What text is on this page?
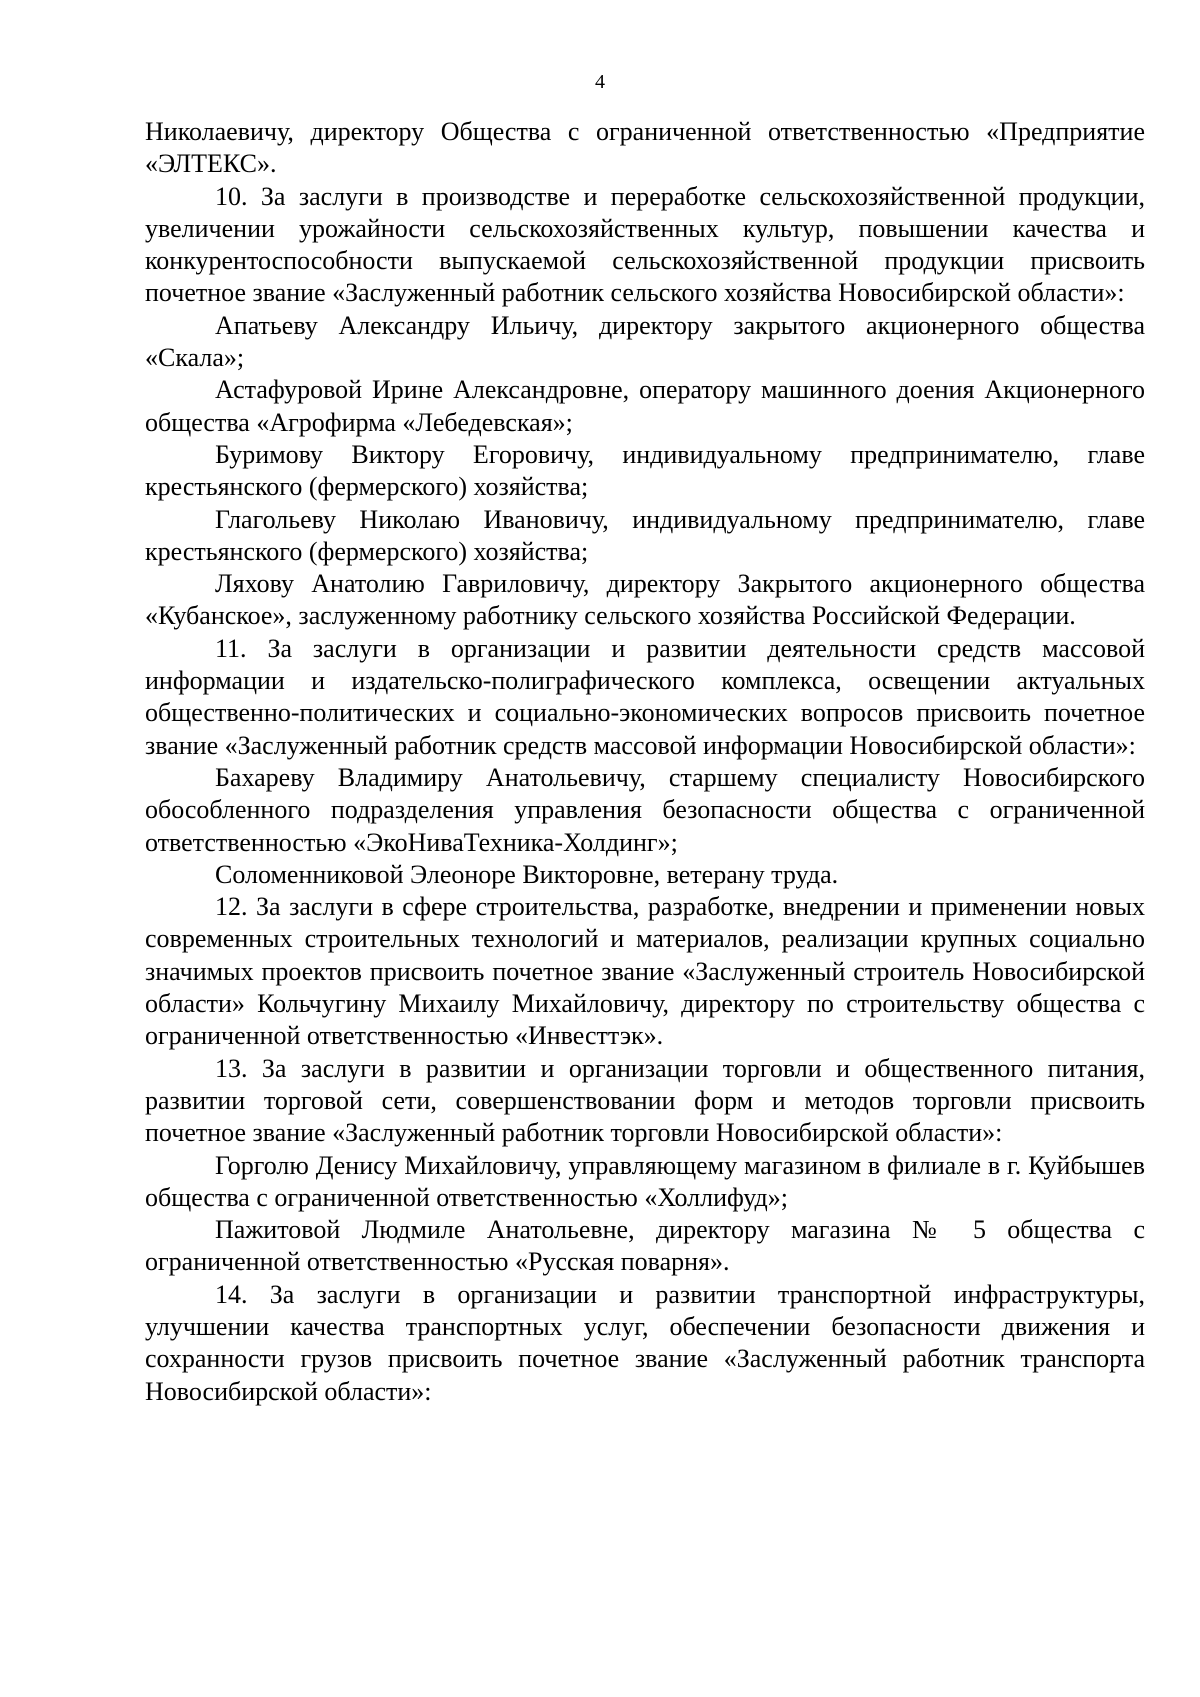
4

Николаевичу, директору Общества с ограниченной ответственностью «Предприятие «ЭЛТЕКС».

10. За заслуги в производстве и переработке сельскохозяйственной продукции, увеличении урожайности сельскохозяйственных культур, повышении качества и конкурентоспособности выпускаемой сельскохозяйственной продукции присвоить почетное звание «Заслуженный работник сельского хозяйства Новосибирской области»:

Апатьеву Александру Ильичу, директору закрытого акционерного общества «Скала»;

Астафуровой Ирине Александровне, оператору машинного доения Акционерного общества «Агрофирма «Лебедевская»;

Буримову Виктору Егоровичу, индивидуальному предпринимателю, главе крестьянского (фермерского) хозяйства;

Глагольеву Николаю Ивановичу, индивидуальному предпринимателю, главе крестьянского (фермерского) хозяйства;

Ляхову Анатолию Гавриловичу, директору Закрытого акционерного общества «Кубанское», заслуженному работнику сельского хозяйства Российской Федерации.

11. За заслуги в организации и развитии деятельности средств массовой информации и издательско-полиграфического комплекса, освещении актуальных общественно-политических и социально-экономических вопросов присвоить почетное звание «Заслуженный работник средств массовой информации Новосибирской области»:

Бахареву Владимиру Анатольевичу, старшему специалисту Новосибирского обособленного подразделения управления безопасности общества с ограниченной ответственностью «ЭкоНиваТехника-Холдинг»;

Соломенниковой Элеоноре Викторовне, ветерану труда.

12. За заслуги в сфере строительства, разработке, внедрении и применении новых современных строительных технологий и материалов, реализации крупных социально значимых проектов присвоить почетное звание «Заслуженный строитель Новосибирской области» Кольчугину Михаилу Михайловичу, директору по строительству общества с ограниченной ответственностью «Инвесттэк».

13. За заслуги в развитии и организации торговли и общественного питания, развитии торговой сети, совершенствовании форм и методов торговли присвоить почетное звание «Заслуженный работник торговли Новосибирской области»:

Горголю Денису Михайловичу, управляющему магазином в филиале в г. Куйбышев общества с ограниченной ответственностью «Холлифуд»;

Пажитовой Людмиле Анатольевне, директору магазина № 5 общества с ограниченной ответственностью «Русская поварня».

14. За заслуги в организации и развитии транспортной инфраструктуры, улучшении качества транспортных услуг, обеспечении безопасности движения и сохранности грузов присвоить почетное звание «Заслуженный работник транспорта Новосибирской области»:
